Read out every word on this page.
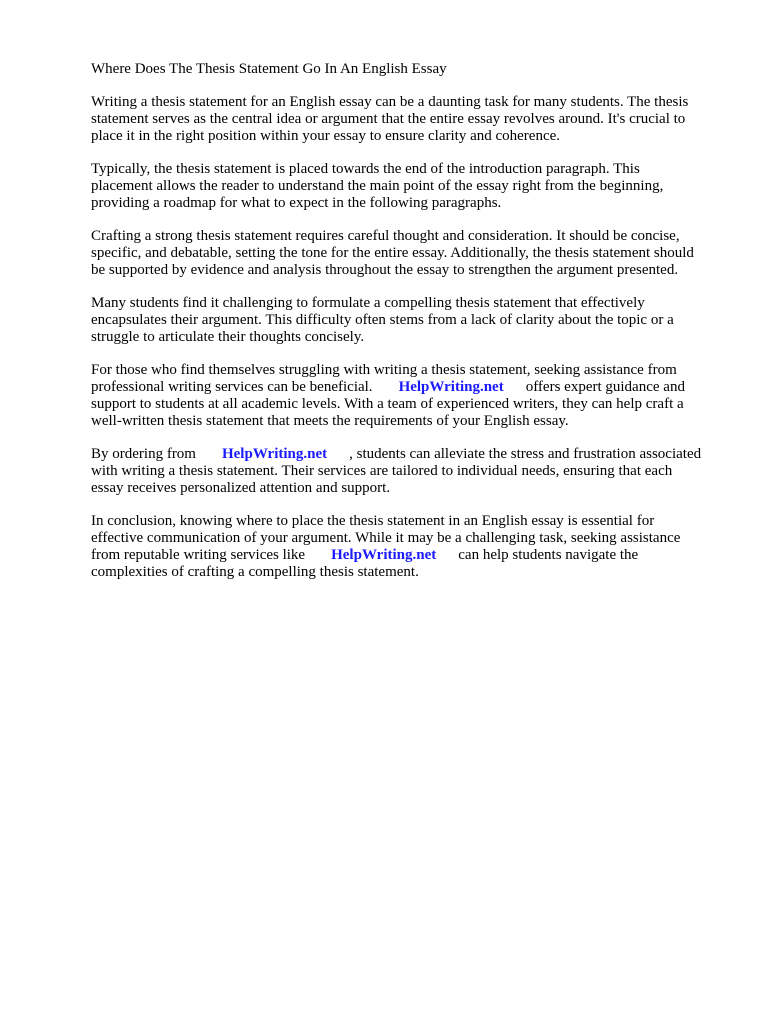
Where Does The Thesis Statement Go In An English Essay

Writing a thesis statement for an English essay can be a daunting task for many students. The thesis
statement serves as the central idea or argument that the entire essay revolves around. It's crucial to
place it in the right position within your essay to ensure clarity and coherence.

Typically, the thesis statement is placed towards the end of the introduction paragraph. This
placement allows the reader to understand the main point of the essay right from the beginning,
providing a roadmap for what to expect in the following paragraphs.

Crafting a strong thesis statement requires careful thought and consideration. It should be concise,
specific, and debatable, setting the tone for the entire essay. Additionally, the thesis statement should
be supported by evidence and analysis throughout the essay to strengthen the argument presented.

Many students find it challenging to formulate a compelling thesis statement that effectively
encapsulates their argument. This difficulty often stems from a lack of clarity about the topic or a
struggle to articulate their thoughts concisely.

For those who find themselves struggling with writing a thesis statement, seeking assistance from
professional writing services can be beneficial. HelpWriting.net offers expert guidance and
support to students at all academic levels. With a team of experienced writers, they can help craft a
well-written thesis statement that meets the requirements of your English essay.

By ordering from HelpWriting.net , students can alleviate the stress and frustration associated
with writing a thesis statement. Their services are tailored to individual needs, ensuring that each
essay receives personalized attention and support.

In conclusion, knowing where to place the thesis statement in an English essay is essential for
effective communication of your argument. While it may be a challenging task, seeking assistance
from reputable writing services like HelpWriting.net can help students navigate the
complexities of crafting a compelling thesis statement.
